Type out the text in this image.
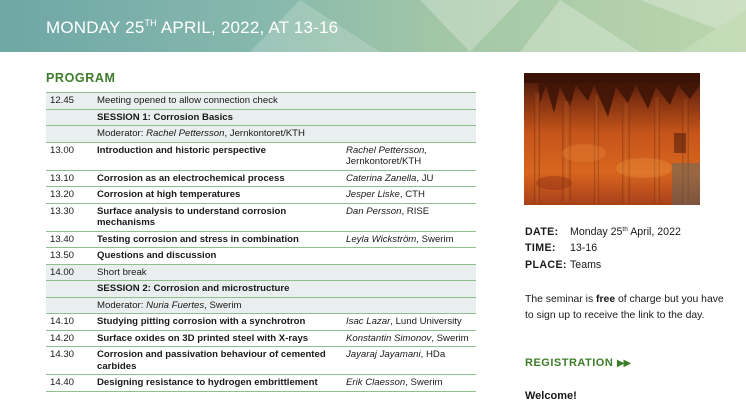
MONDAY 25TH APRIL, 2022, AT 13-16
PROGRAM
12.45	Meeting opened to allow connection check	
	SESSION 1: Corrosion Basics	
	Moderator: Rachel Pettersson, Jernkontoret/KTH	
13.00	Introduction and historic perspective	Rachel Pettersson,
Jernkontoret/KTH
13.10	Corrosion as an electrochemical process	Caterina Zanella, JU
13.20	Corrosion at high temperatures	Jesper Liske, CTH
13.30	Surface analysis to understand corrosion mechanisms	Dan Persson, RISE
13.40	Testing corrosion and stress in combination	Leyla Wickström, Swerim
13.50	Questions and discussion	
14.00	Short break	
	SESSION 2: Corrosion and microstructure	
	Moderator: Nuria Fuertes, Swerim	
14.10	Studying pitting corrosion with a synchrotron	Isac Lazar, Lund University
14.20	Surface oxides on 3D printed steel with X-rays	Konstantin Simonov, Swerim
14.30	Corrosion and passivation behaviour of cemented carbides	Jayaraj Jayamani, HDa
14.40	Designing resistance to hydrogen embrittlement	Erik Claesson, Swerim
DATE: Monday 25th April, 2022
TIME: 13-16
PLACE: Teams
The seminar is free of charge but you have to sign up to receive the link to the day.
REGISTRATION ▶▶
Welcome!
